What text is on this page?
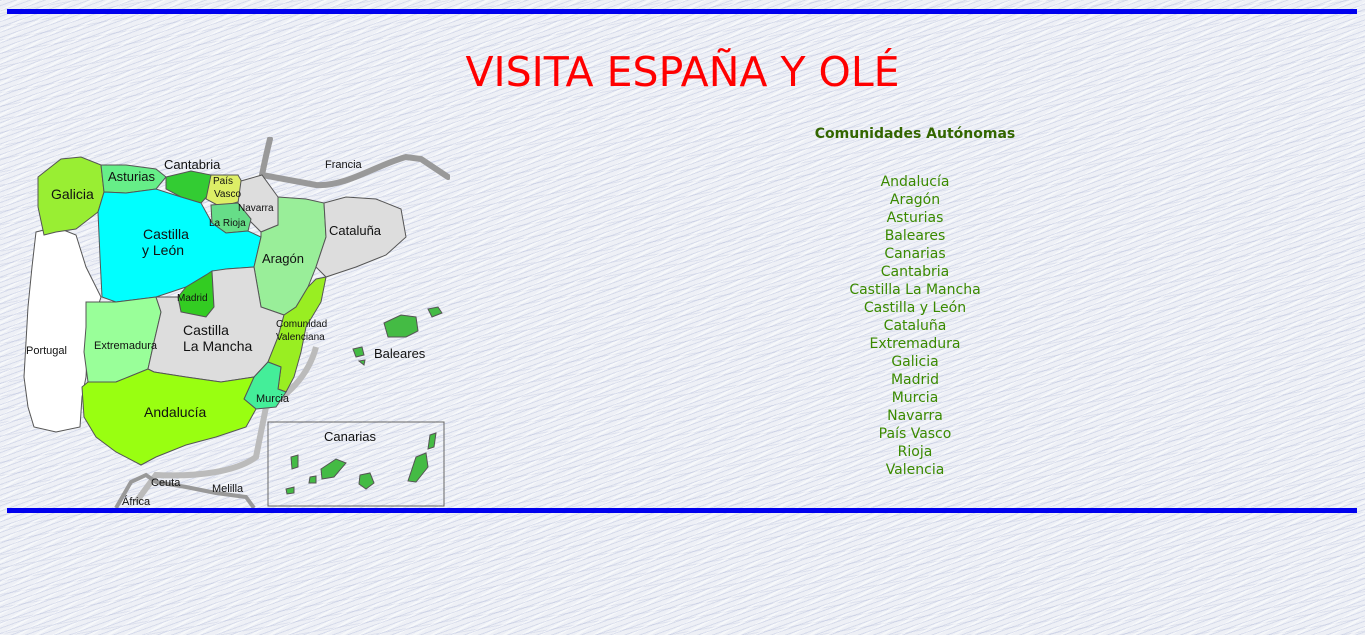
VISITA ESPAÑA Y OLÉ
Galicia
Asturias
Cantabria
País
Vasco
Navarra
La Rioja
Francia
Cataluña
Castilla
y León
Aragón
Madrid
Portugal Extremadura
Castilla
La Mancha
Comunidad
Valenciana
Baleares
Andalucía
Murcia
Canarias
Ceuta	Melilla
África
Comunidades Autónomas
Andalucía
Aragón
Asturias
Baleares
Canarias
Cantabria
Castilla La Mancha
Castilla y León
Cataluña
Extremadura
Galicia
Madrid
Murcia
Navarra
País Vasco
Rioja
Valencia
